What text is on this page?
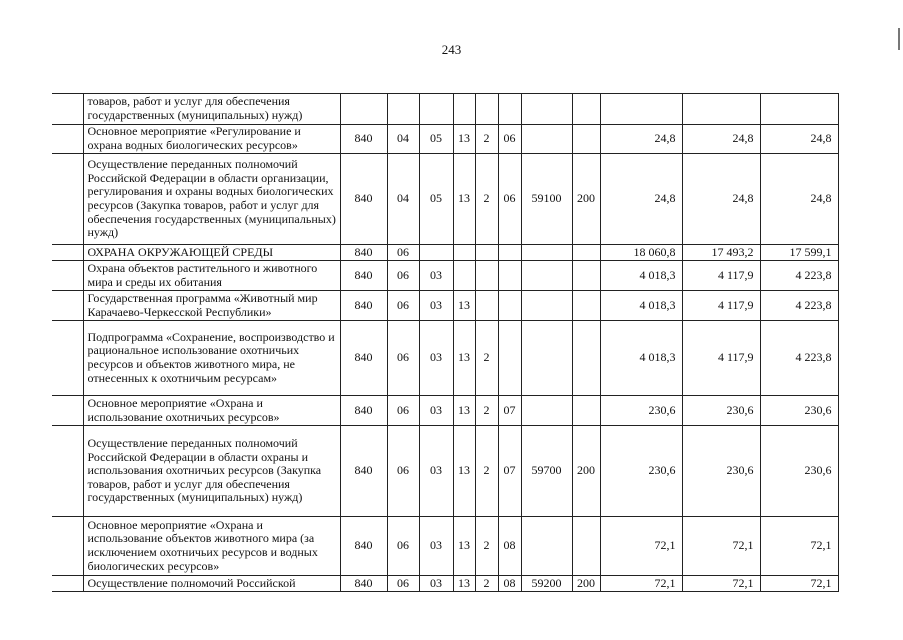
243
	товаров, работ и услуг для обеспечения государственных (муниципальных) нужд)											
	Основное мероприятие «Регулирование и охрана водных биологических ресурсов»	840	04	05	13	2	06			24,8	24,8	24,8
	Осуществление переданных полномочий Российской Федерации в области организации, регулирования и охраны водных биологических ресурсов (Закупка товаров, работ и услуг для обеспечения государственных (муниципальных) нужд)	840	04	05	13	2	06	59100	200	24,8	24,8	24,8
	ОХРАНА ОКРУЖАЮЩЕЙ СРЕДЫ	840	06							18 060,8	17 493,2	17 599,1
	Охрана объектов растительного и животного мира и среды их обитания	840	06	03						4 018,3	4 117,9	4 223,8
	Государственная программа «Животный мир Карачаево-Черкесской Республики»	840	06	03	13					4 018,3	4 117,9	4 223,8
	Подпрограмма «Сохранение, воспроизводство и рациональное использование охотничьих ресурсов и объектов животного мира, не отнесенных к охотничьим ресурсам»	840	06	03	13	2				4 018,3	4 117,9	4 223,8
	Основное мероприятие «Охрана и использование охотничьих ресурсов»	840	06	03	13	2	07			230,6	230,6	230,6
	Осуществление переданных полномочий Российской Федерации в области охраны и использования охотничьих ресурсов (Закупка товаров, работ и услуг для обеспечения государственных (муниципальных) нужд)	840	06	03	13	2	07	59700	200	230,6	230,6	230,6
	Основное мероприятие «Охрана и использование объектов животного мира (за исключением охотничьих ресурсов и водных биологических ресурсов»	840	06	03	13	2	08			72,1	72,1	72,1
	Осуществление полномочий Российской	840	06	03	13	2	08	59200	200	72,1	72,1	72,1
